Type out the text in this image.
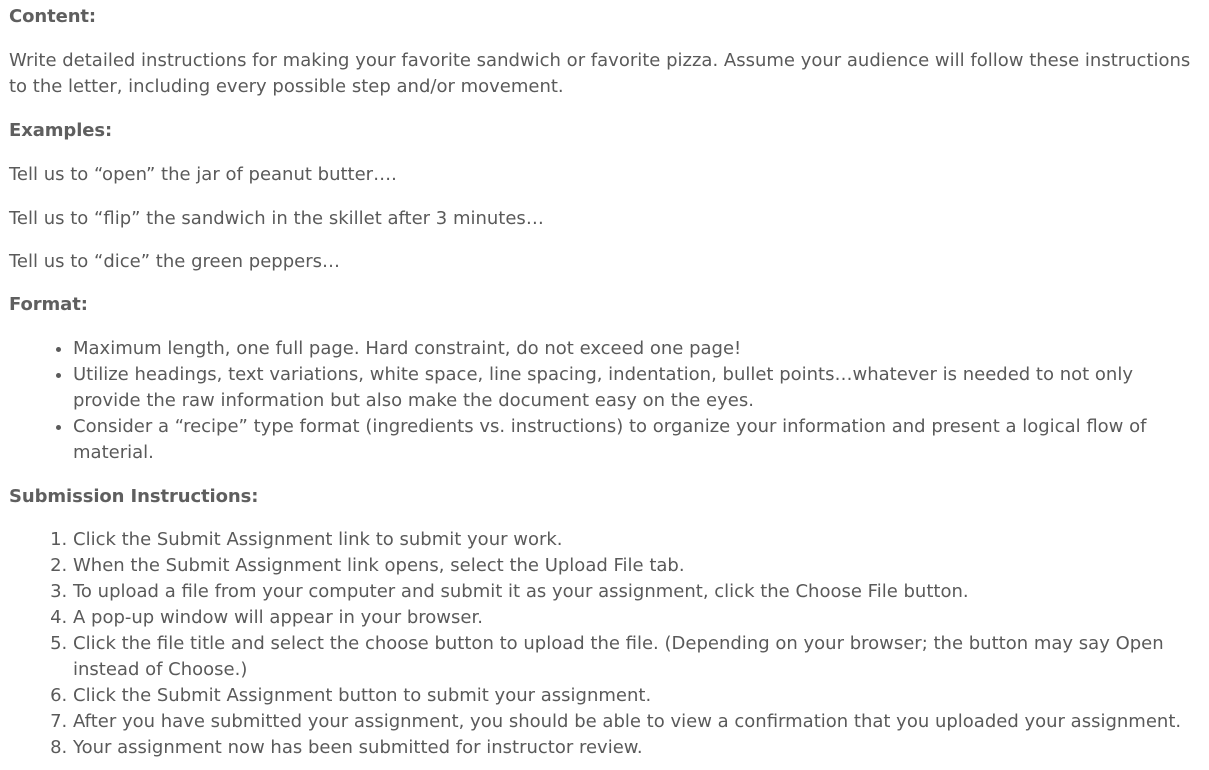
Content:

Write detailed instructions for making your favorite sandwich or favorite pizza. Assume your audience will follow these instructions to the letter, including every possible step and/or movement.

Examples:

Tell us to “open” the jar of peanut butter….

Tell us to “flip” the sandwich in the skillet after 3 minutes…

Tell us to “dice” the green peppers…

Format:

• Maximum length, one full page. Hard constraint, do not exceed one page!
• Utilize headings, text variations, white space, line spacing, indentation, bullet points…whatever is needed to not only provide the raw information but also make the document easy on the eyes.
• Consider a “recipe” type format (ingredients vs. instructions) to organize your information and present a logical flow of material.

Submission Instructions:

1. Click the Submit Assignment link to submit your work.
2. When the Submit Assignment link opens, select the Upload File tab.
3. To upload a file from your computer and submit it as your assignment, click the Choose File button.
4. A pop-up window will appear in your browser.
5. Click the file title and select the choose button to upload the file. (Depending on your browser; the button may say Open instead of Choose.)
6. Click the Submit Assignment button to submit your assignment.
7. After you have submitted your assignment, you should be able to view a confirmation that you uploaded your assignment.
8. Your assignment now has been submitted for instructor review.
